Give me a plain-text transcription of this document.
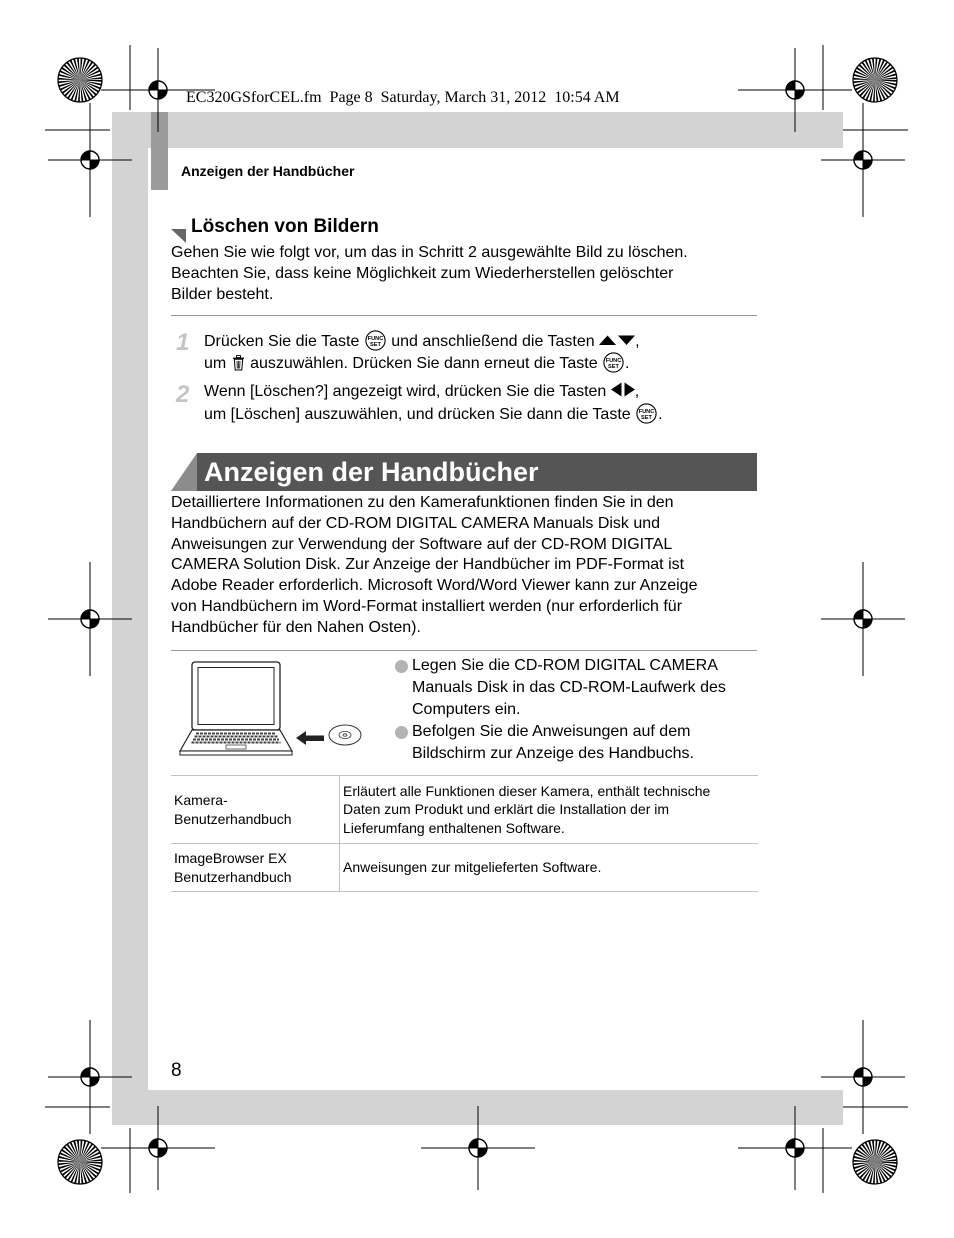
EC320GSforCEL.fm  Page 8  Saturday, March 31, 2012  10:54 AM
Anzeigen der Handbücher
Löschen von Bildern
Gehen Sie wie folgt vor, um das in Schritt 2 ausgewählte Bild zu löschen.
Beachten Sie, dass keine Möglichkeit zum Wiederherstellen gelöschter
Bilder besteht.
1 Drücken Sie die Taste FUNC
SET und anschließend die Tasten ,
um  auszuwählen. Drücken Sie dann erneut die Taste FUNC
SET .
2 Wenn [Löschen?] angezeigt wird, drücken Sie die Tasten ,
um [Löschen] auszuwählen, und drücken Sie dann die Taste FUNC
SET .
Anzeigen der Handbücher
Detailliertere Informationen zu den Kamerafunktionen finden Sie in den
Handbüchern auf der CD-ROM DIGITAL CAMERA Manuals Disk und
Anweisungen zur Verwendung der Software auf der CD-ROM DIGITAL
CAMERA Solution Disk. Zur Anzeige der Handbücher im PDF-Format ist
Adobe Reader erforderlich. Microsoft Word/Word Viewer kann zur Anzeige
von Handbüchern im Word-Format installiert werden (nur erforderlich für
Handbücher für den Nahen Osten).
Legen Sie die CD-ROM DIGITAL CAMERA
Manuals Disk in das CD-ROM-Laufwerk des
Computers ein.
Befolgen Sie die Anweisungen auf dem
Bildschirm zur Anzeige des Handbuchs.
Kamera-
Benutzerhandbuch
Erläutert alle Funktionen dieser Kamera, enthält technische
Daten zum Produkt und erklärt die Installation der im
Lieferumfang enthaltenen Software.
ImageBrowser EX
Benutzerhandbuch
Anweisungen zur mitgelieferten Software.
8
